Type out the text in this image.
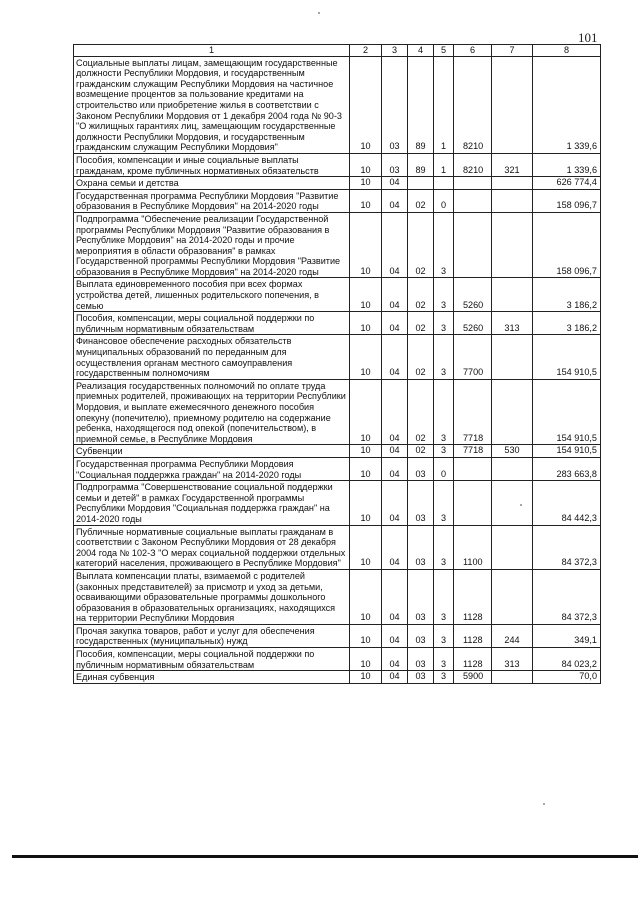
101
1	2	3	4	5	6	7	8
Социальные выплаты лицам, замещающим государственные должности Республики Мордовия, и государственным гражданским служащим Республики Мордовия на частичное возмещение процентов за пользование кредитами на строительство или приобретение жилья в соответствии с Законом Республики Мордовия от 1 декабря 2004 года № 90-3 "О жилищных гарантиях лиц, замещающим государственные должности Республики Мордовия, и государственным гражданским служащим Республики Мордовия"	10	03	89	1	8210		1 339,6
Пособия, компенсации и иные социальные выплаты гражданам, кроме публичных нормативных обязательств	10	03	89	1	8210	321	1 339,6
Охрана семьи и детства	10	04					626 774,4
Государственная программа Республики Мордовия "Развитие образования в Республике Мордовия" на 2014-2020 годы	10	04	02	0			158 096,7
Подпрограмма "Обеспечение реализации Государственной программы Республики Мордовия "Развитие образования в Республике Мордовия" на 2014-2020 годы и прочие мероприятия в области образования" в рамках Государственной программы Республики Мордовия "Развитие образования в Республике Мордовия" на 2014-2020 годы	10	04	02	3			158 096,7
Выплата единовременного пособия при всех формах устройства детей, лишенных родительского попечения, в семью	10	04	02	3	5260		3 186,2
Пособия, компенсации, меры социальной поддержки по публичным нормативным обязательствам	10	04	02	3	5260	313	3 186,2
Финансовое обеспечение расходных обязательств муниципальных образований по переданным для осуществления органам местного самоуправления государственным полномочиям	10	04	02	3	7700		154 910,5
Реализация государственных полномочий по оплате труда приемных родителей, проживающих на территории Республики Мордовия, и выплате ежемесячного денежного пособия опекуну (попечителю), приемному родителю на содержание ребенка, находящегося под опекой (попечительством), в приемной семье, в Республике Мордовия	10	04	02	3	7718		154 910,5
Субвенции	10	04	02	3	7718	530	154 910,5
Государственная программа Республики Мордовия "Социальная поддержка граждан" на 2014-2020 годы	10	04	03	0			283 663,8
Подпрограмма "Совершенствование социальной поддержки семьи и детей" в рамках Государственной программы Республики Мордовия "Социальная поддержка граждан" на 2014-2020 годы	10	04	03	3			84 442,3
Публичные нормативные социальные выплаты гражданам в соответствии с Законом Республики Мордовия от 28 декабря 2004 года № 102-З "О мерах социальной поддержки отдельных категорий населения, проживающего в Республике Мордовия"	10	04	03	3	1100		84 372,3
Выплата компенсации платы, взимаемой с родителей (законных представителей) за присмотр и уход за детьми, осваивающими образовательные программы дошкольного образования в образовательных организациях, находящихся на территории Республики Мордовия	10	04	03	3	1128		84 372,3
Прочая закупка товаров, работ и услуг для обеспечения государственных (муниципальных) нужд	10	04	03	3	1128	244	349,1
Пособия, компенсации, меры социальной поддержки по публичным нормативным обязательствам	10	04	03	3	1128	313	84 023,2
Единая субвенция	10	04	03	3	5900		70,0
